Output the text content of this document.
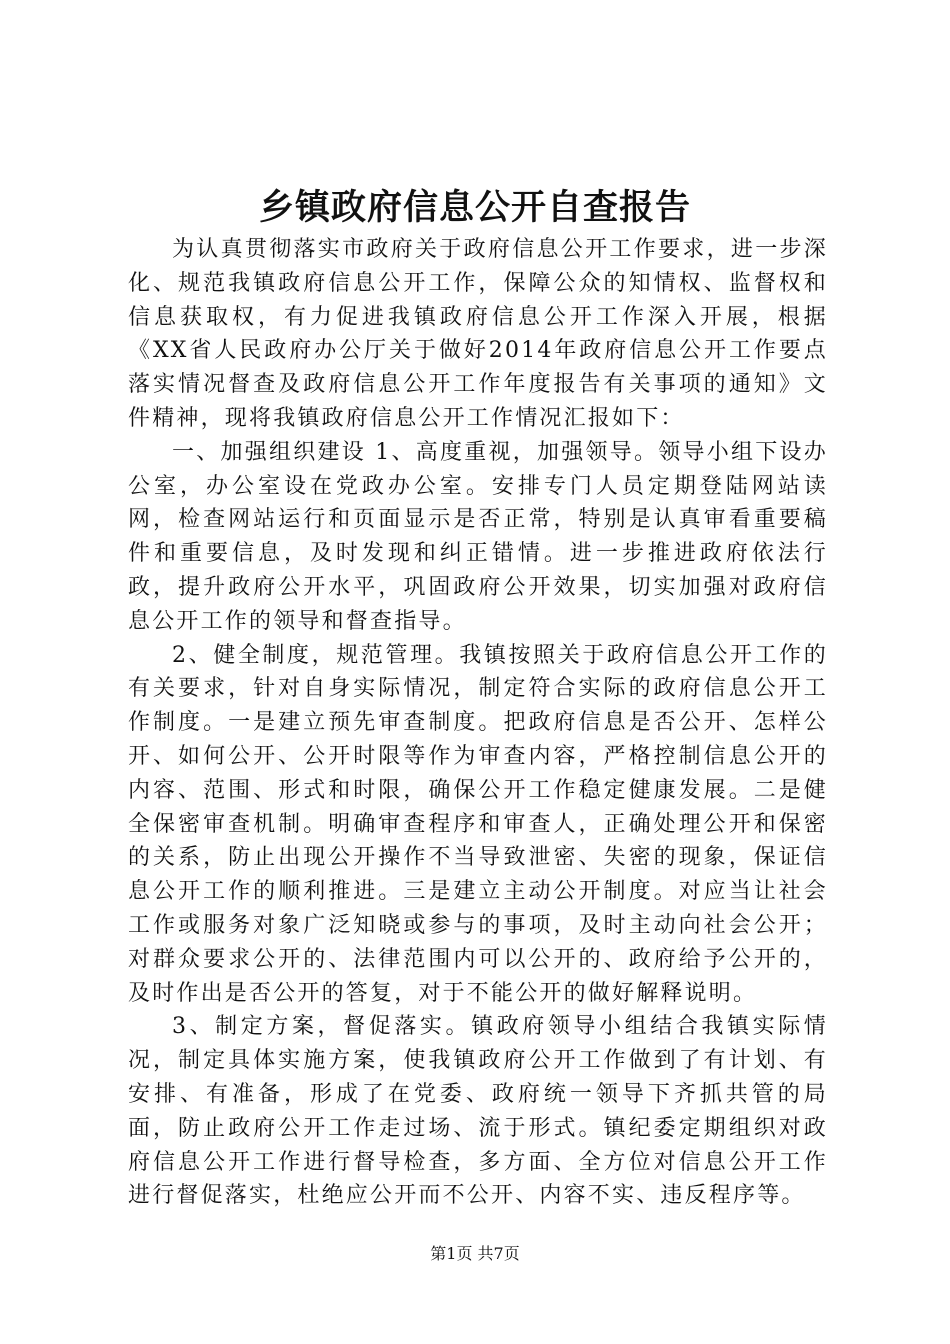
乡镇政府信息公开自查报告

为认真贯彻落实市政府关于政府信息公开工作要求，进一步深化、规范我镇政府信息公开工作，保障公众的知情权、监督权和信息获取权，有力促进我镇政府信息公开工作深入开展，根据《XX省人民政府办公厅关于做好2014年政府信息公开工作要点落实情况督查及政府信息公开工作年度报告有关事项的通知》文件精神，现将我镇政府信息公开工作情况汇报如下：

一、加强组织建设 1、高度重视，加强领导。领导小组下设办公室，办公室设在党政办公室。安排专门人员定期登陆网站读网，检查网站运行和页面显示是否正常，特别是认真审看重要稿件和重要信息，及时发现和纠正错情。进一步推进政府依法行政，提升政府公开水平，巩固政府公开效果，切实加强对政府信息公开工作的领导和督查指导。

2、健全制度，规范管理。我镇按照关于政府信息公开工作的有关要求，针对自身实际情况，制定符合实际的政府信息公开工作制度。一是建立预先审查制度。把政府信息是否公开、怎样公开、如何公开、公开时限等作为审查内容，严格控制信息公开的内容、范围、形式和时限，确保公开工作稳定健康发展。二是健全保密审查机制。明确审查程序和审查人，正确处理公开和保密的关系，防止出现公开操作不当导致泄密、失密的现象，保证信息公开工作的顺利推进。三是建立主动公开制度。对应当让社会工作或服务对象广泛知晓或参与的事项，及时主动向社会公开；对群众要求公开的、法律范围内可以公开的、政府给予公开的，及时作出是否公开的答复，对于不能公开的做好解释说明。

3、制定方案，督促落实。镇政府领导小组结合我镇实际情况，制定具体实施方案，使我镇政府公开工作做到了有计划、有安排、有准备，形成了在党委、政府统一领导下齐抓共管的局面，防止政府公开工作走过场、流于形式。镇纪委定期组织对政府信息公开工作进行督导检查，多方面、全方位对信息公开工作进行督促落实，杜绝应公开而不公开、内容不实、违反程序等。

第1页 共7页
